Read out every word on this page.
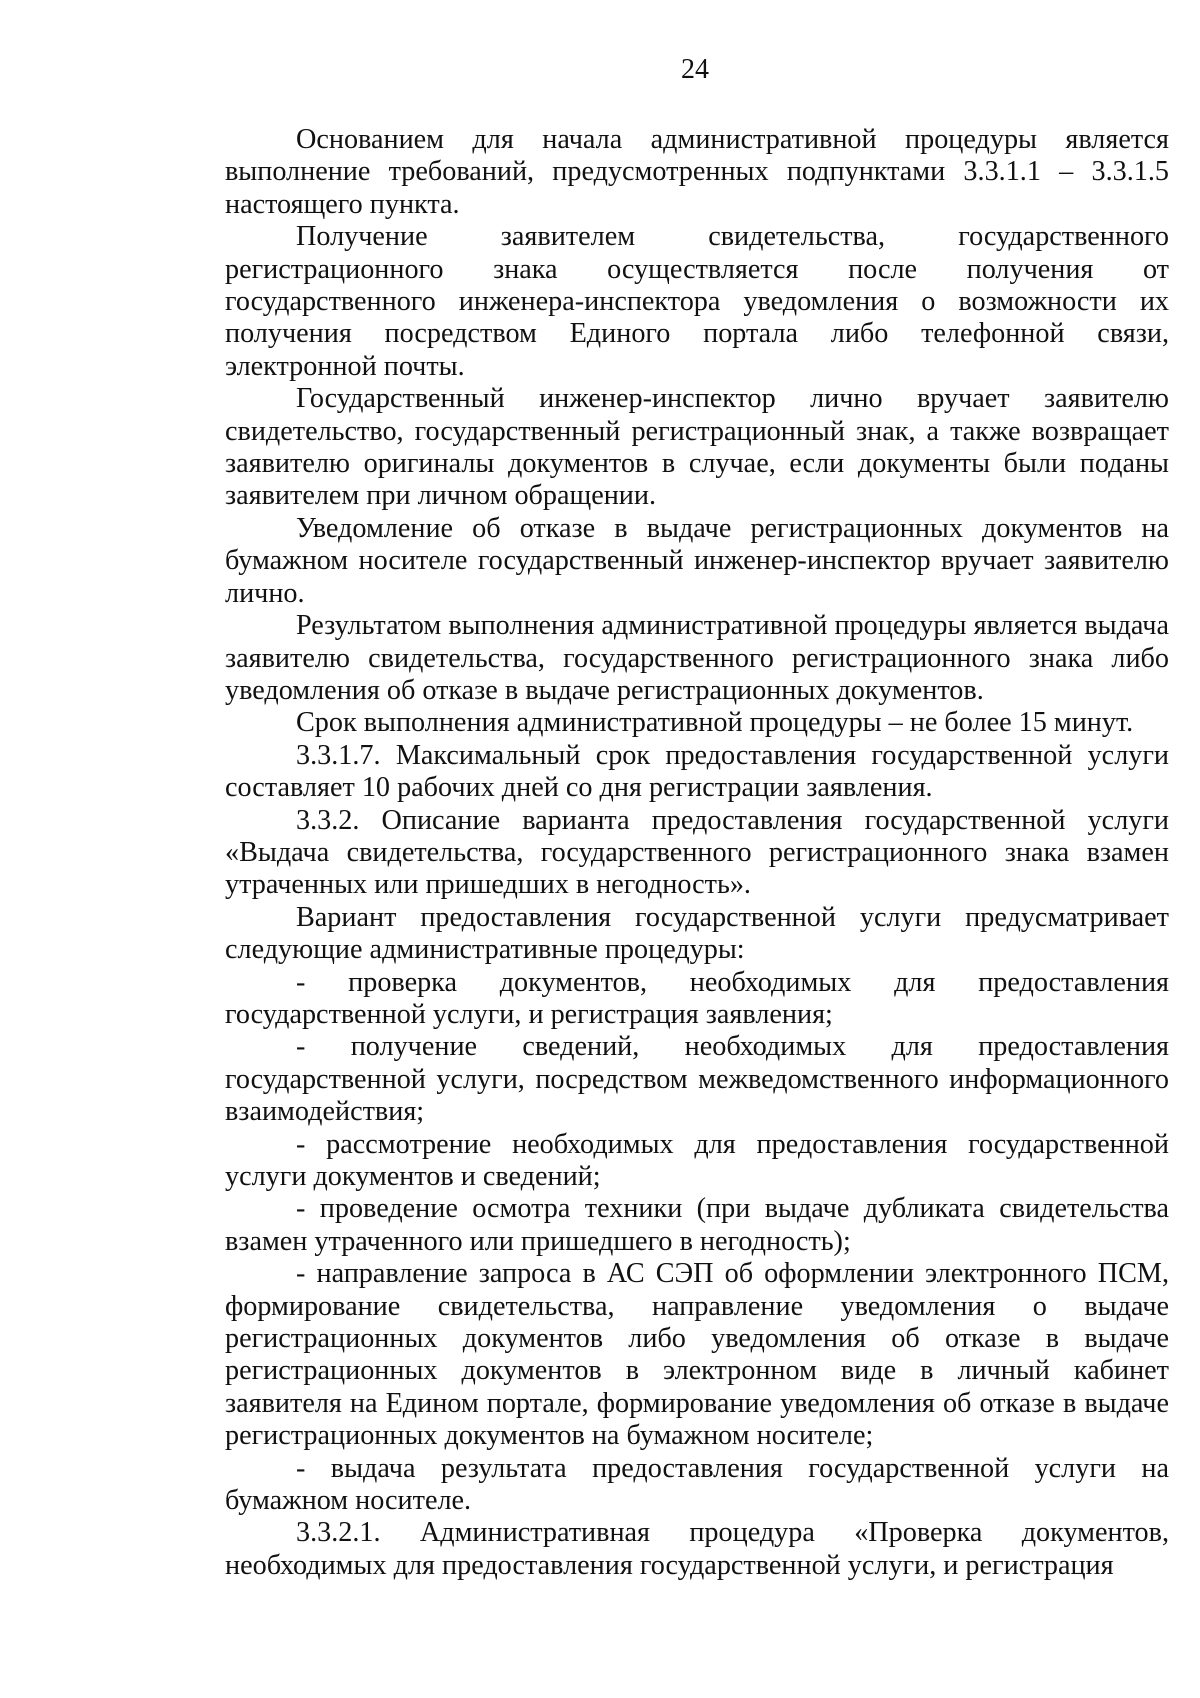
24

Основанием для начала административной процедуры является выполнение требований, предусмотренных подпунктами 3.3.1.1 – 3.3.1.5 настоящего пункта.

Получение заявителем свидетельства, государственного регистрационного знака осуществляется после получения от государственного инженера-инспектора уведомления о возможности их получения посредством Единого портала либо телефонной связи, электронной почты.

Государственный инженер-инспектор лично вручает заявителю свидетельство, государственный регистрационный знак, а также возвращает заявителю оригиналы документов в случае, если документы были поданы заявителем при личном обращении.

Уведомление об отказе в выдаче регистрационных документов на бумажном носителе государственный инженер-инспектор вручает заявителю лично.

Результатом выполнения административной процедуры является выдача заявителю свидетельства, государственного регистрационного знака либо уведомления об отказе в выдаче регистрационных документов.

Срок выполнения административной процедуры – не более 15 минут.

3.3.1.7. Максимальный срок предоставления государственной услуги составляет 10 рабочих дней со дня регистрации заявления.

3.3.2. Описание варианта предоставления государственной услуги «Выдача свидетельства, государственного регистрационного знака взамен утраченных или пришедших в негодность».

Вариант предоставления государственной услуги предусматривает следующие административные процедуры:

- проверка документов, необходимых для предоставления государственной услуги, и регистрация заявления;

- получение сведений, необходимых для предоставления государственной услуги, посредством межведомственного информационного взаимодействия;

- рассмотрение необходимых для предоставления государственной услуги документов и сведений;

- проведение осмотра техники (при выдаче дубликата свидетельства взамен утраченного или пришедшего в негодность);

- направление запроса в АС СЭП об оформлении электронного ПСМ, формирование свидетельства, направление уведомления о выдаче регистрационных документов либо уведомления об отказе в выдаче регистрационных документов в электронном виде в личный кабинет заявителя на Едином портале, формирование уведомления об отказе в выдаче регистрационных документов на бумажном носителе;

- выдача результата предоставления государственной услуги на бумажном носителе.

3.3.2.1. Административная процедура «Проверка документов, необходимых для предоставления государственной услуги, и регистрация
